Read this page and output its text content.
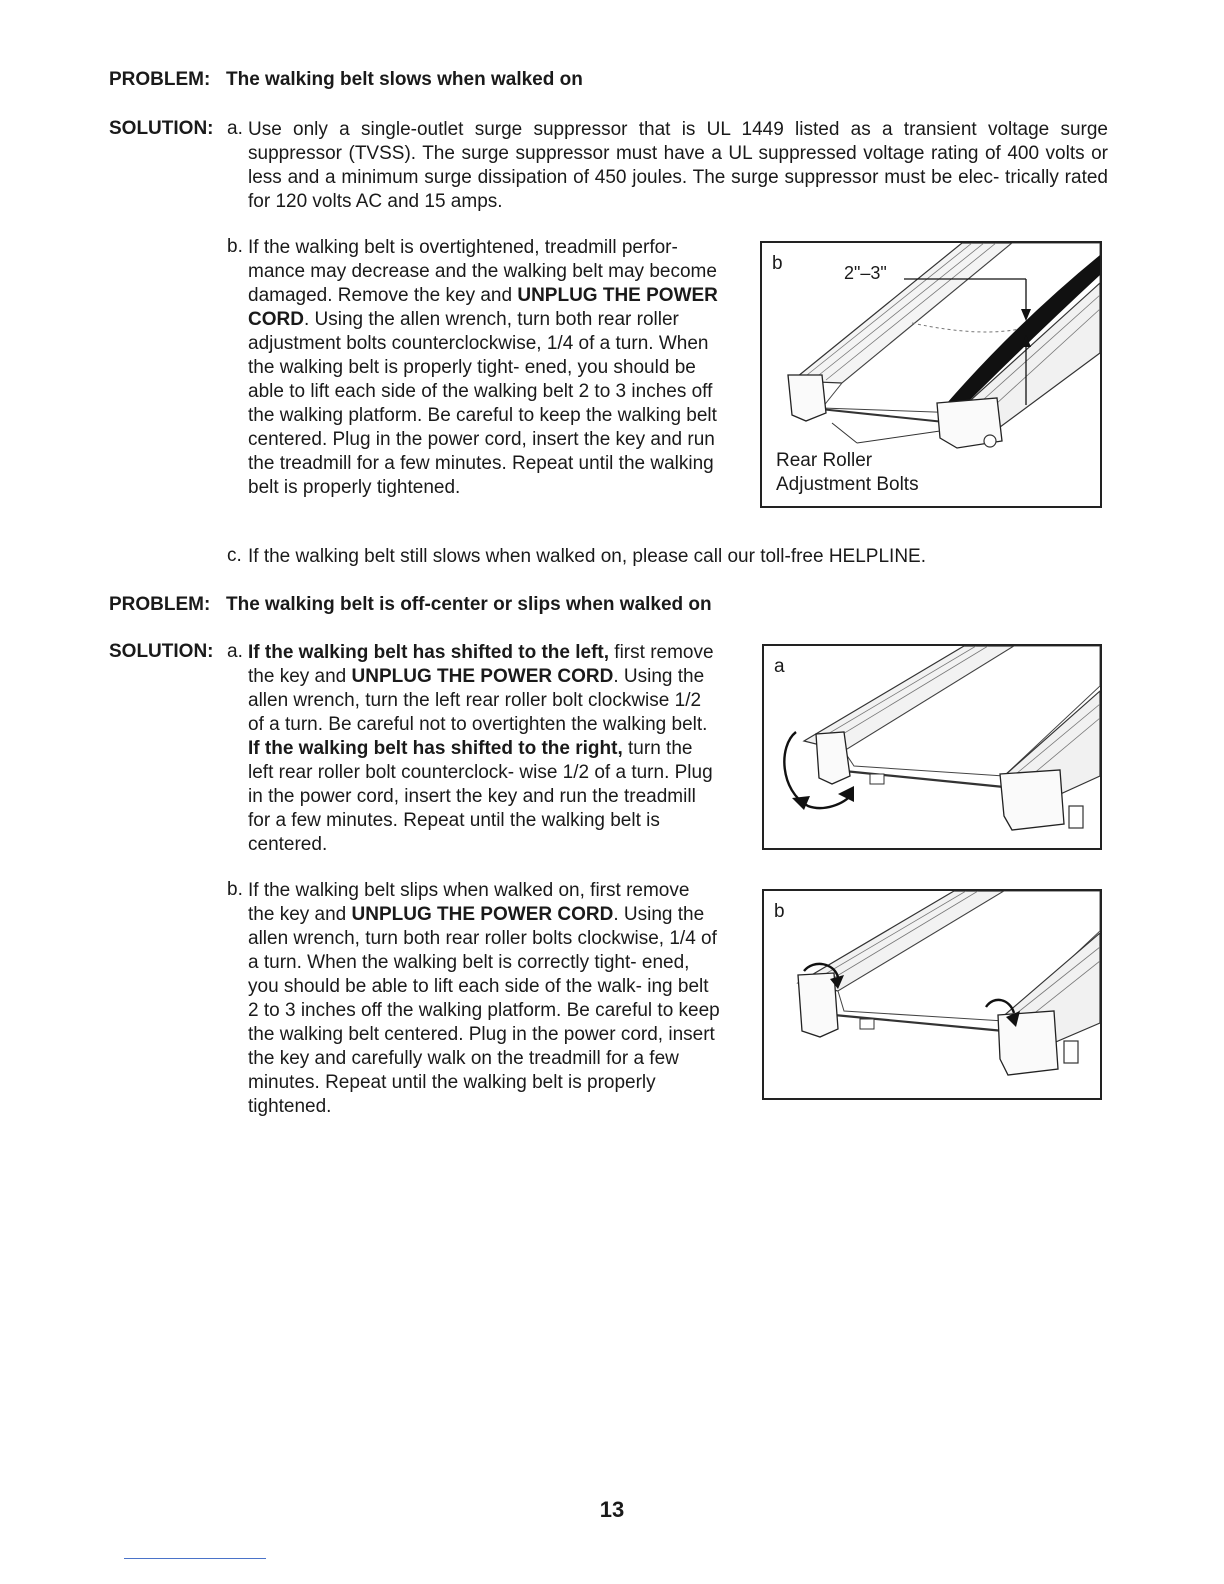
PROBLEM: The walking belt slows when walked on
SOLUTION: a. Use only a single-outlet surge suppressor that is UL 1449 listed as a transient voltage surge suppressor (TVSS). The surge suppressor must have a UL suppressed voltage rating of 400 volts or less and a minimum surge dissipation of 450 joules. The surge suppressor must be elec- trically rated for 120 volts AC and 15 amps.

b. If the walking belt is overtightened, treadmill perfor- mance may decrease and the walking belt may become damaged. Remove the key and UNPLUG THE POWER CORD. Using the allen wrench, turn both rear roller adjustment bolts counterclockwise, 1/4 of a turn. When the walking belt is properly tight- ened, you should be able to lift each side of the walking belt 2 to 3 inches off the walking platform. Be careful to keep the walking belt centered. Plug in the power cord, insert the key and run the treadmill for a few minutes. Repeat until the walking belt is properly tightened.

b	2"–3"
Rear Roller
Adjustment Bolts
c. If the walking belt still slows when walked on, please call our toll-free HELPLINE.

PROBLEM: The walking belt is off-center or slips when walked on
SOLUTION: a. If the walking belt has shifted to the left, first remove the key and UNPLUG THE POWER CORD. Using the allen wrench, turn the left rear roller bolt clockwise 1/2 of a turn. Be careful not to overtighten the walking belt. If the walking belt has shifted to the right, turn the left rear roller bolt counterclock- wise 1/2 of a turn. Plug in the power cord, insert the key and run the treadmill for a few minutes. Repeat until the walking belt is centered.

a
b. If the walking belt slips when walked on, first remove the key and UNPLUG THE POWER CORD. Using the allen wrench, turn both rear roller bolts clockwise, 1/4 of a turn. When the walking belt is correctly tight- ened, you should be able to lift each side of the walk- ing belt 2 to 3 inches off the walking platform. Be careful to keep the walking belt centered. Plug in the power cord, insert the key and carefully walk on the treadmill for a few minutes. Repeat until the walking belt is properly tightened.

b
13
